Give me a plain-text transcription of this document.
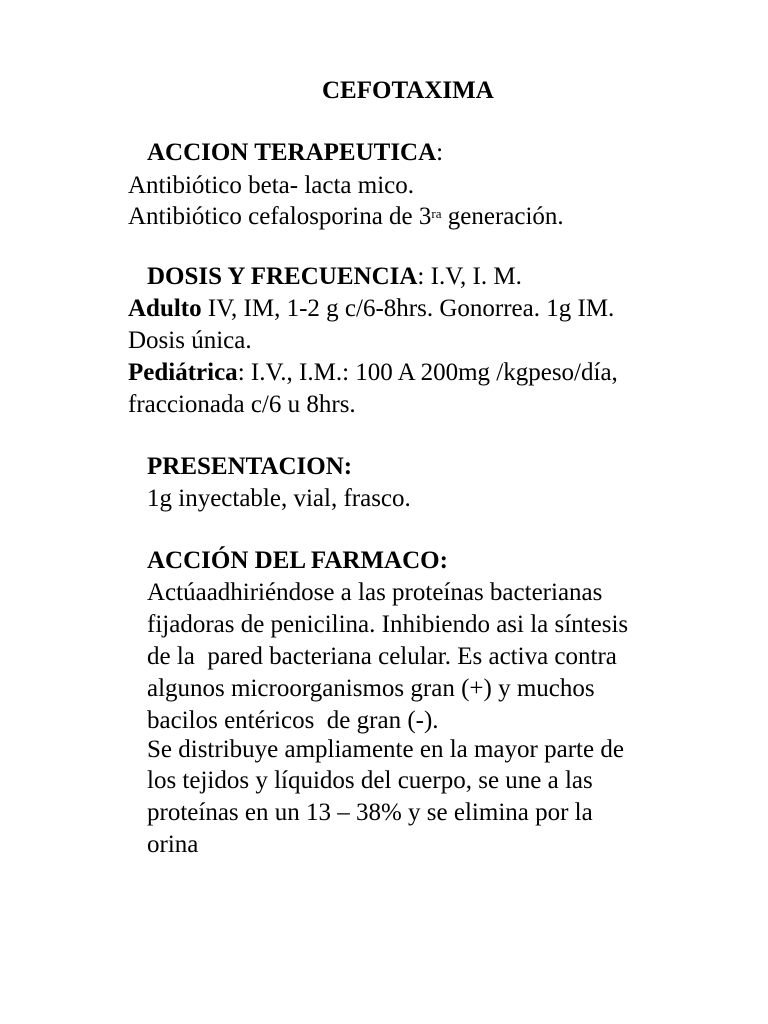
CEFOTAXIMA
ACCION TERAPEUTICA:
Antibiótico beta- lacta mico.
Antibiótico cefalosporina de $3^{ra}$ generación.
DOSIS Y FRECUENCIA: I.V, I. M.
Adulto IV, IM, 1-2 g c/6-8hrs. Gonorrea. 1g IM.
Dosis única.
Pediátrica: I.V., I.M.: 100 A 200mg /kgpeso/día,
fraccionada c/6 u 8hrs.
PRESENTACION:
1g inyectable, vial, frasco.
ACCIÓN DEL FARMACO:
Actúaadhiriéndose a las proteínas bacterianas
fijadoras de penicilina. Inhibiendo asi la síntesis
de la  pared bacteriana celular. Es activa contra
algunos microorganismos gran (+) y muchos
bacilos entéricos  de gran (-).
Se distribuye ampliamente en la mayor parte de
los tejidos y líquidos del cuerpo, se une a las
proteínas en un 13 – 38% y se elimina por la
orina
